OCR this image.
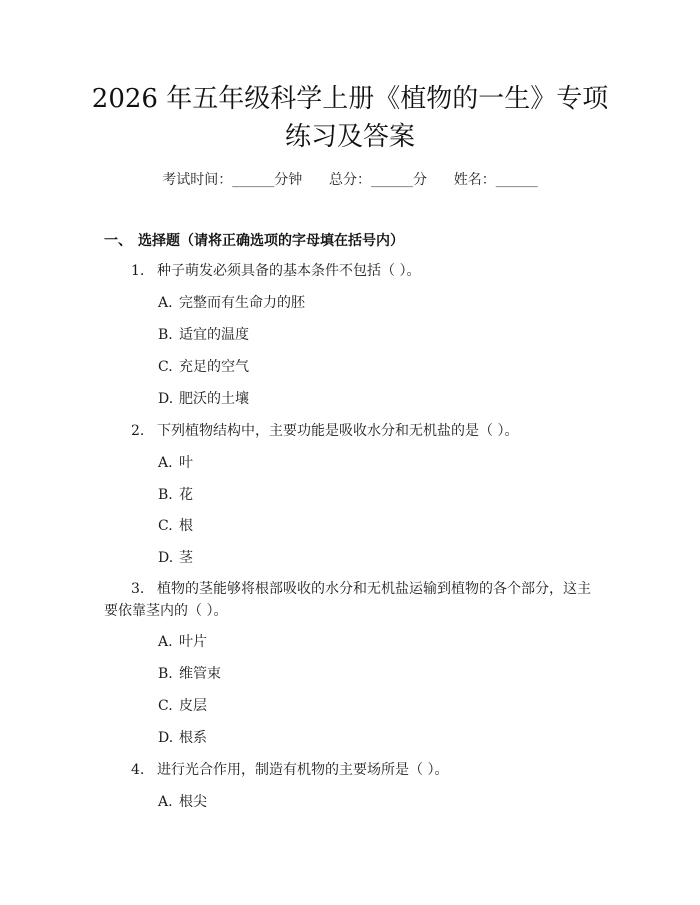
2026 年五年级科学上册《植物的一生》专项
练习及答案
考试时间：______分钟      总分：______分      姓名：______
一、 选择题（请将正确选项的字母填在括号内）
1. 种子萌发必须具备的基本条件不包括（ ）。
A. 完整而有生命力的胚
B. 适宜的温度
C. 充足的空气
D. 肥沃的土壤
2. 下列植物结构中，主要功能是吸收水分和无机盐的是（ ）。
A. 叶
B. 花
C. 根
D. 茎
3. 植物的茎能够将根部吸收的水分和无机盐运输到植物的各个部分，这主要依靠茎内的（ ）。
A. 叶片
B. 维管束
C. 皮层
D. 根系
4. 进行光合作用，制造有机物的主要场所是（ ）。
A. 根尖
